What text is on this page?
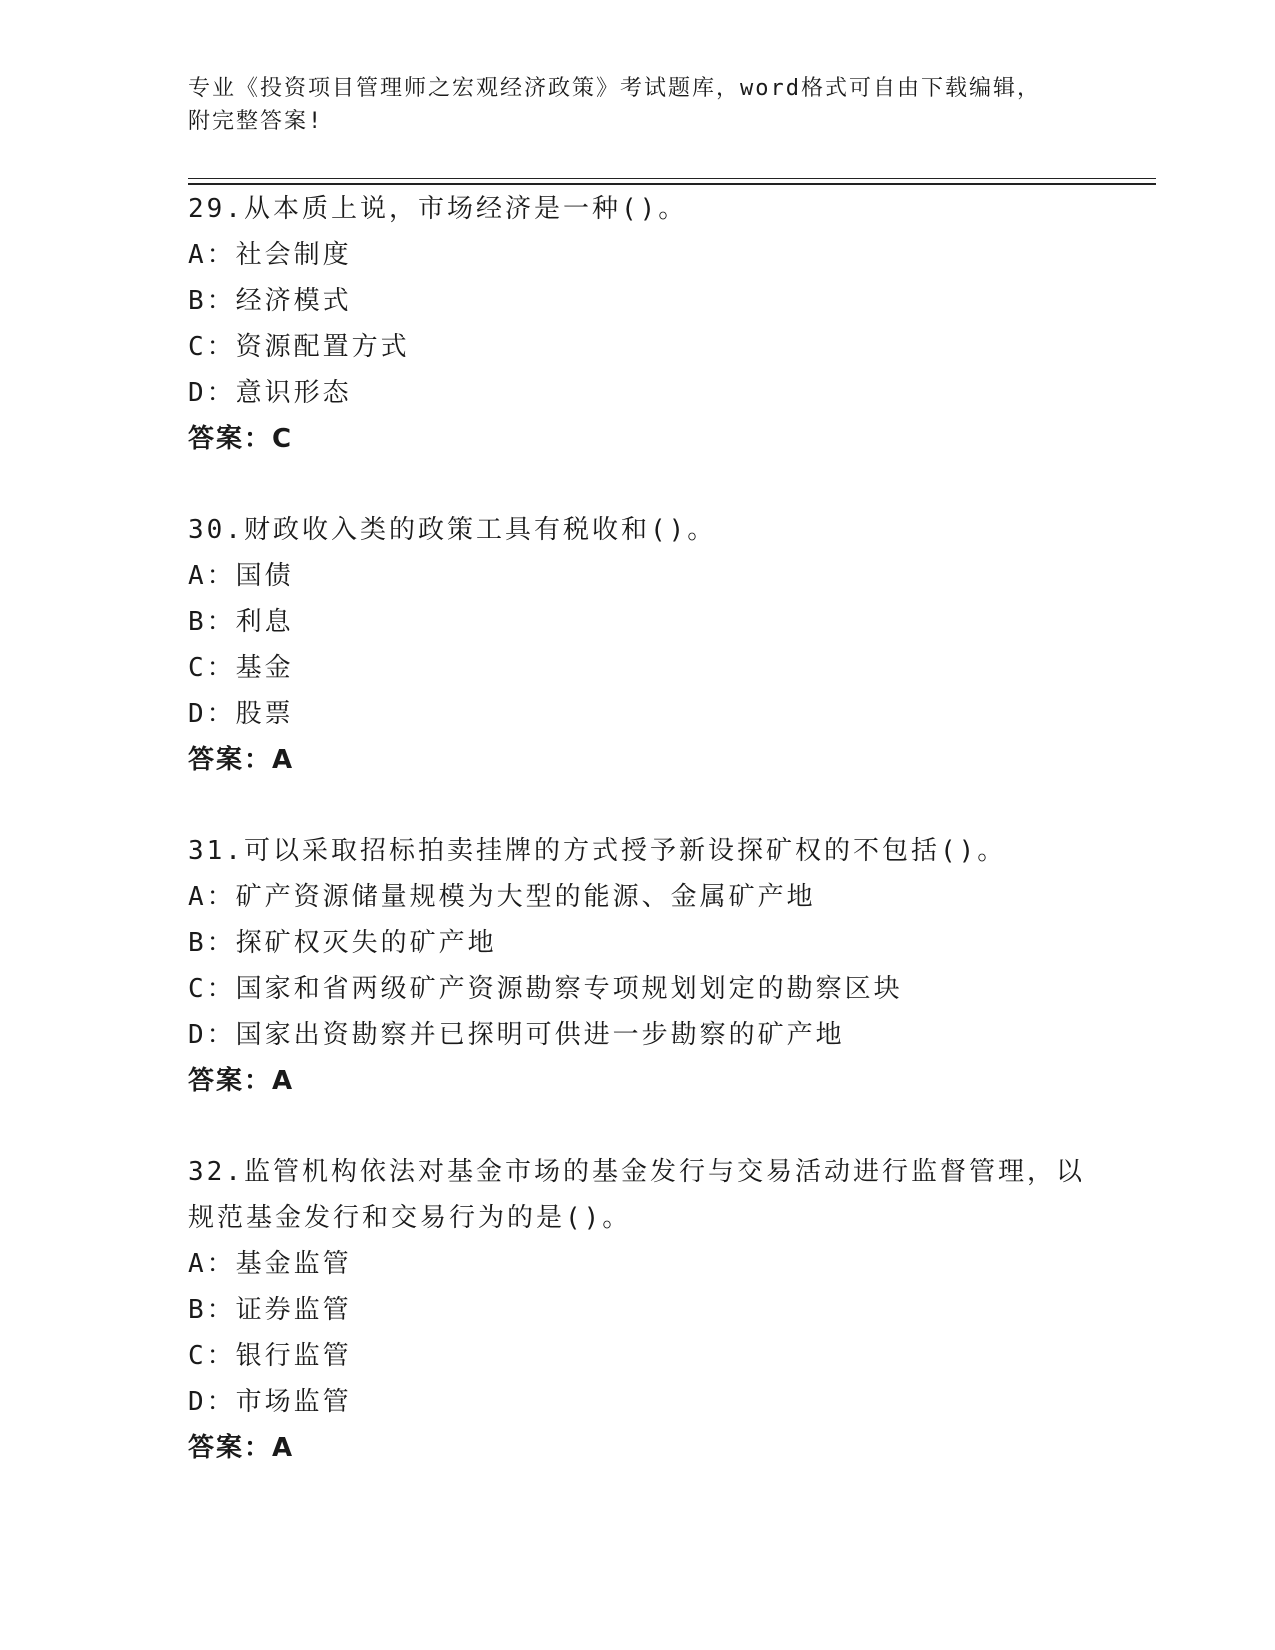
专业《投资项目管理师之宏观经济政策》考试题库，word格式可自由下载编辑，

附完整答案!

29.从本质上说，市场经济是一种()。

A：社会制度

B：经济模式

C：资源配置方式

D：意识形态

答案：C

30.财政收入类的政策工具有税收和()。

A：国债

B：利息

C：基金

D：股票

答案：A

31.可以采取招标拍卖挂牌的方式授予新设探矿权的不包括()。

A：矿产资源储量规模为大型的能源、金属矿产地

B：探矿权灭失的矿产地

C：国家和省两级矿产资源勘察专项规划划定的勘察区块

D：国家出资勘察并已探明可供进一步勘察的矿产地

答案：A

32.监管机构依法对基金市场的基金发行与交易活动进行监督管理，以

规范基金发行和交易行为的是()。

A：基金监管

B：证券监管

C：银行监管

D：市场监管

答案：A
